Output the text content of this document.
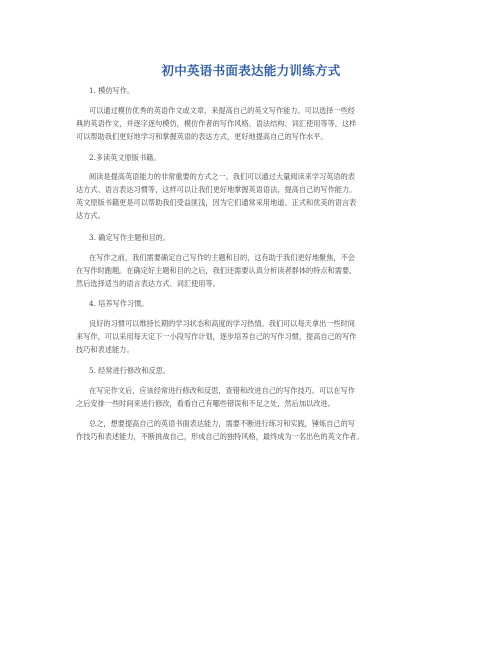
初中英语书面表达能力训练方式
1. 模仿写作。
可以通过模仿优秀的英语作文或文章，来提高自己的英文写作能力。可以选择一些经
典的英语作文，并逐字逐句模仿，模仿作者的写作风格、语法结构、词汇使用等等，这样
可以帮助我们更好地学习和掌握英语的表达方式，更好地提高自己的写作水平。
2.多读英文原版书籍。
阅读是提高英语能力的非常重要的方式之一。我们可以通过大量阅读来学习英语的表
达方式、语言表达习惯等，这样可以让我们更好地掌握英语语法，提高自己的写作能力。
英文原版书籍更是可以帮助我们受益匪浅，因为它们通常采用地道、正式和优美的语言表
达方式。
3. 确定写作主题和目的。
在写作之前，我们需要确定自己写作的主题和目的，这有助于我们更好地聚焦，不会
在写作时跑题。在确定好主题和目的之后，我们还需要认真分析读者群体的特点和需要，
然后选择适当的语言表达方式、词汇使用等。
4. 培养写作习惯。
良好的习惯可以维持长期的学习状态和高度的学习热情。我们可以每天拿出一些时间
来写作，可以采用每天定下一小段写作计划，逐步培养自己的写作习惯，提高自己的写作
技巧和表述能力。
5. 经常进行修改和反思。
在写完作文后，应该经常进行修改和反思，查错和改进自己的写作技巧。可以在写作
之后安排一些时间来进行修改，看看自己有哪些错误和不足之处，然后加以改进。
总之，想要提高自己的英语书面表达能力，需要不断进行练习和实践，锤炼自己的写
作技巧和表述能力，不断挑战自己，形成自己的独特风格，最终成为一名出色的英文作者。
